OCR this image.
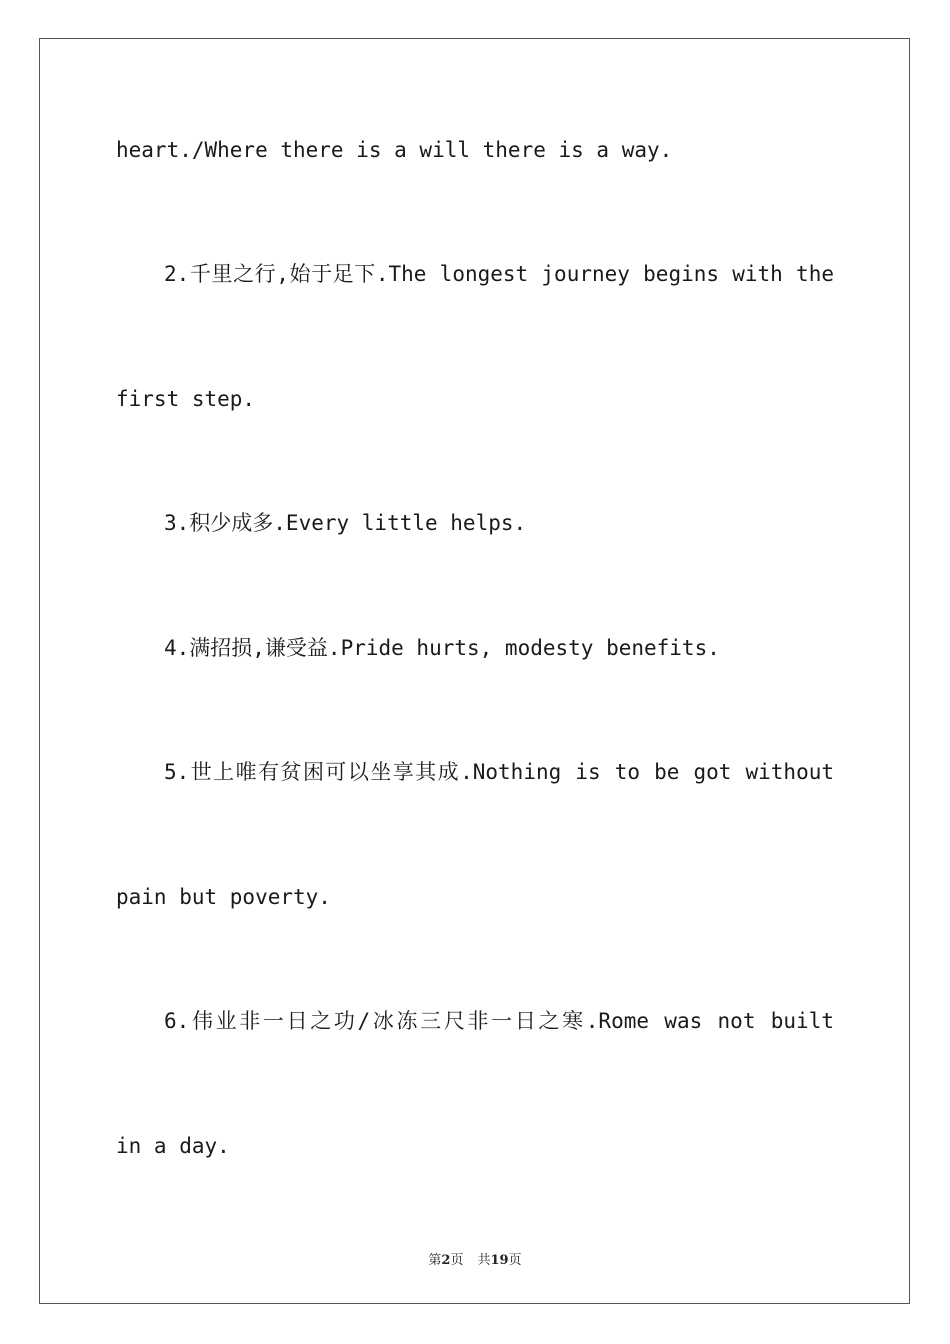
heart./Where there is a will there is a way.
2.千里之行,始于足下.The longest journey begins with the
first step.
3.积少成多.Every little helps.
4.满招损,谦受益.Pride hurts, modesty benefits.
5.世上唯有贫困可以坐享其成.Nothing is to be got without
pain but poverty.
6.伟业非一日之功/冰冻三尺非一日之寒.Rome was not built
in a day.
第2页 共19页
